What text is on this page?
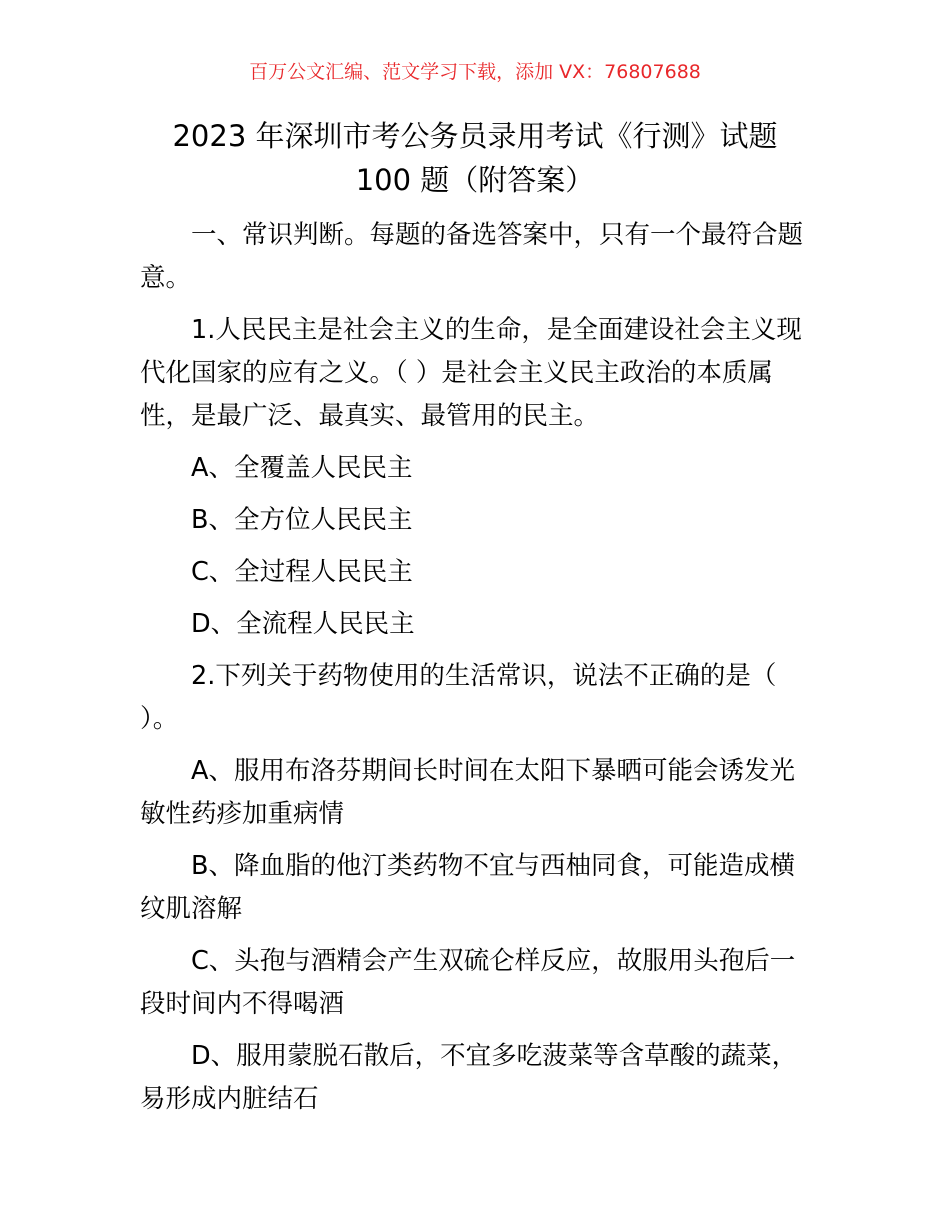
百万公文汇编、范文学习下载，添加 VX：76807688
2023 年深圳市考公务员录用考试《行测》试题
100 题（附答案）

一、常识判断。每题的备选答案中，只有一个最符合题意。

1.人民民主是社会主义的生命，是全面建设社会主义现代化国家的应有之义。（ ）是社会主义民主政治的本质属性，是最广泛、最真实、最管用的民主。

A、全覆盖人民民主

B、全方位人民民主

C、全过程人民民主

D、全流程人民民主

2.下列关于药物使用的生活常识，说法不正确的是（ ）。

A、服用布洛芬期间长时间在太阳下暴晒可能会诱发光敏性药疹加重病情

B、降血脂的他汀类药物不宜与西柚同食，可能造成横纹肌溶解

C、头孢与酒精会产生双硫仑样反应，故服用头孢后一段时间内不得喝酒

D、服用蒙脱石散后，不宜多吃菠菜等含草酸的蔬菜，易形成内脏结石
